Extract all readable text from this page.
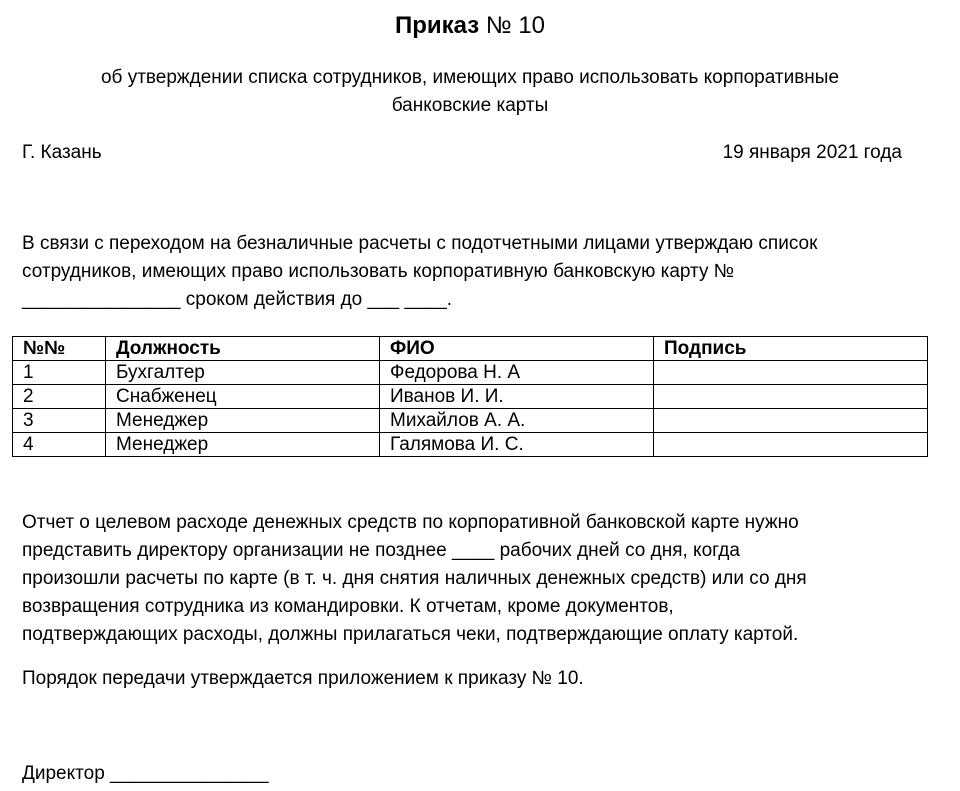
Приказ № 10
об утверждении списка сотрудников, имеющих право использовать корпоративные
банковские карты
Г. Казань	19 января 2021 года
В связи с переходом на безналичные расчеты с подотчетными лицами утверждаю список
сотрудников, имеющих право использовать корпоративную банковскую карту №
_______________ сроком действия до ___ ____.
№№	Должность	ФИО	Подпись
1	Бухгалтер	Федорова Н. А	
2	Снабженец	Иванов И. И.	
3	Менеджер	Михайлов А. А.	
4	Менеджер	Галямова И. С.	
Отчет о целевом расходе денежных средств по корпоративной банковской карте нужно
представить директору организации не позднее ____ рабочих дней со дня, когда
произошли расчеты по карте (в т. ч. дня снятия наличных денежных средств) или со дня
возвращения сотрудника из командировки. К отчетам, кроме документов,
подтверждающих расходы, должны прилагаться чеки, подтверждающие оплату картой.
Порядок передачи утверждается приложением к приказу № 10.
Директор _______________
